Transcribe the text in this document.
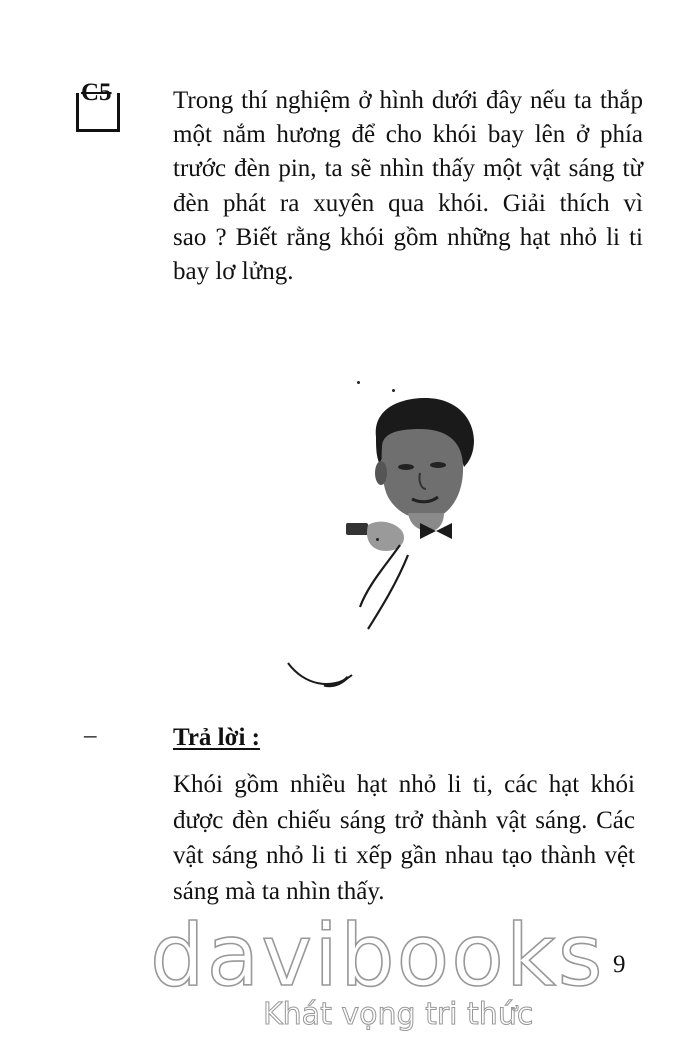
C5 Trong thí nghiệm ở hình dưới đây nếu ta thắp một nắm hương để cho khói bay lên ở phía trước đèn pin, ta sẽ nhìn thấy một vật sáng từ đèn phát ra xuyên qua khói. Giải thích vì
sao ? Biết rằng khói gồm những hạt nhỏ li ti bay lơ lửng.

–	Trả lời :

Khói gồm nhiều hạt nhỏ li ti, các hạt khói được đèn chiếu sáng trở thành vật sáng. Các vật sáng nhỏ li ti xếp gần nhau tạo thành vệt sáng mà ta nhìn thấy.

9
davibooks
Khát vọng tri thức
